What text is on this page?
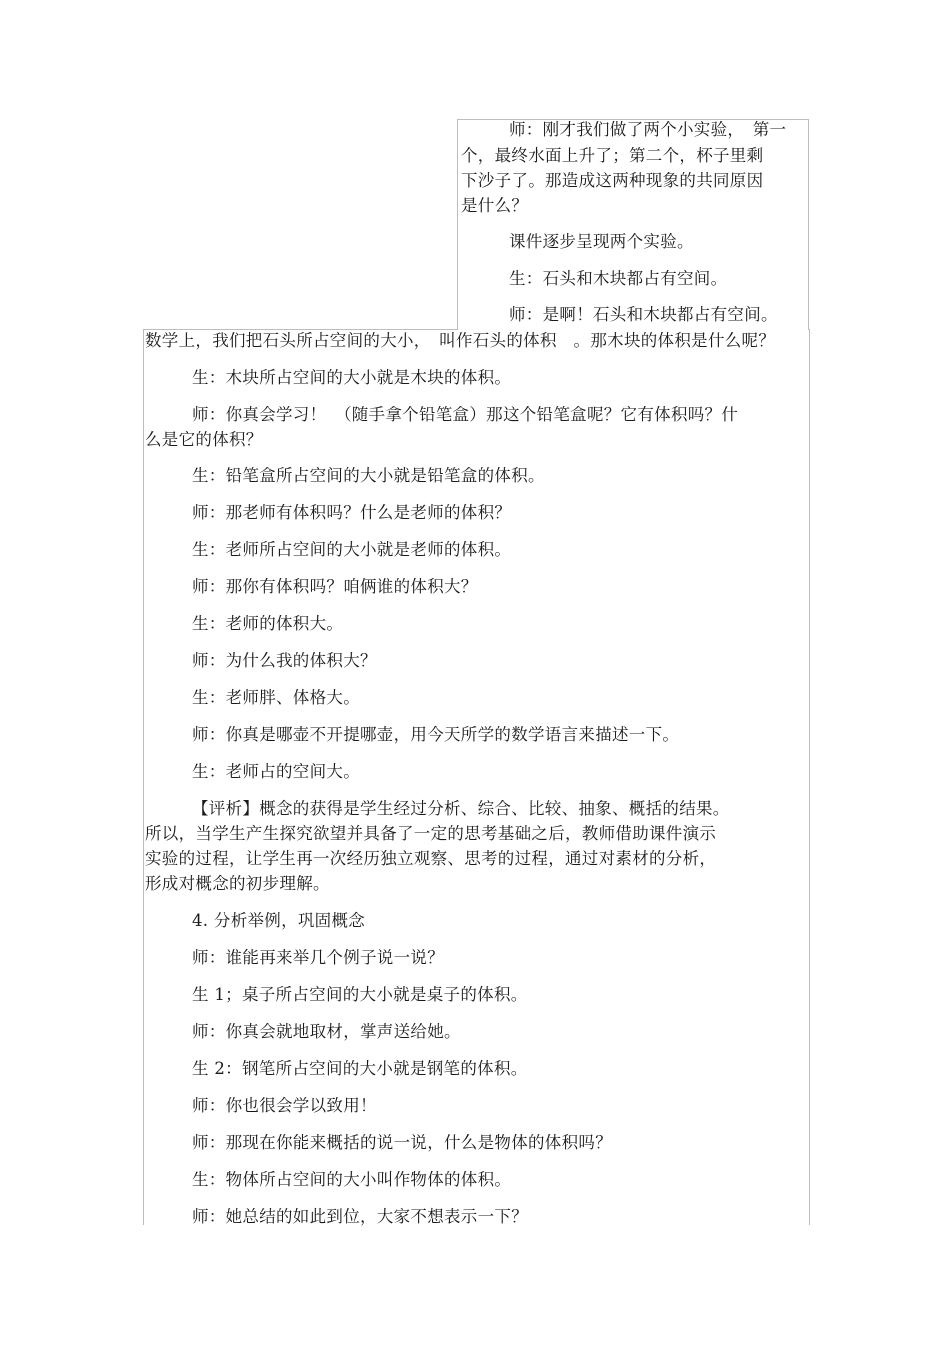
师：刚才我们做了两个小实验，　第一
个，最终水面上升了；第二个，杯子里剩
下沙子了。那造成这两种现象的共同原因
是什么？
课件逐步呈现两个实验。
生：石头和木块都占有空间。
师：是啊！石头和木块都占有空间。
数学上，我们把石头所占空间的大小，　叫作石头的体积　。那木块的体积是什么呢？
生：木块所占空间的大小就是木块的体积。
师：你真会学习！　（随手拿个铅笔盒）那这个铅笔盒呢？它有体积吗？什
么是它的体积？
生：铅笔盒所占空间的大小就是铅笔盒的体积。
师：那老师有体积吗？什么是老师的体积？
生：老师所占空间的大小就是老师的体积。
师：那你有体积吗？咱俩谁的体积大？
生：老师的体积大。
师：为什么我的体积大？
生：老师胖、体格大。
师：你真是哪壶不开提哪壶，用今天所学的数学语言来描述一下。
生：老师占的空间大。
【评析】概念的获得是学生经过分析、综合、比较、抽象、概括的结果。
所以，当学生产生探究欲望并具备了一定的思考基础之后，教师借助课件演示
实验的过程，让学生再一次经历独立观察、思考的过程，通过对素材的分析，
形成对概念的初步理解。
4. 分析举例，巩固概念
师：谁能再来举几个例子说一说？
生 1；桌子所占空间的大小就是桌子的体积。
师：你真会就地取材，掌声送给她。
生 2：钢笔所占空间的大小就是钢笔的体积。
师：你也很会学以致用！
师：那现在你能来概括的说一说，什么是物体的体积吗？
生：物体所占空间的大小叫作物体的体积。
师：她总结的如此到位，大家不想表示一下？
